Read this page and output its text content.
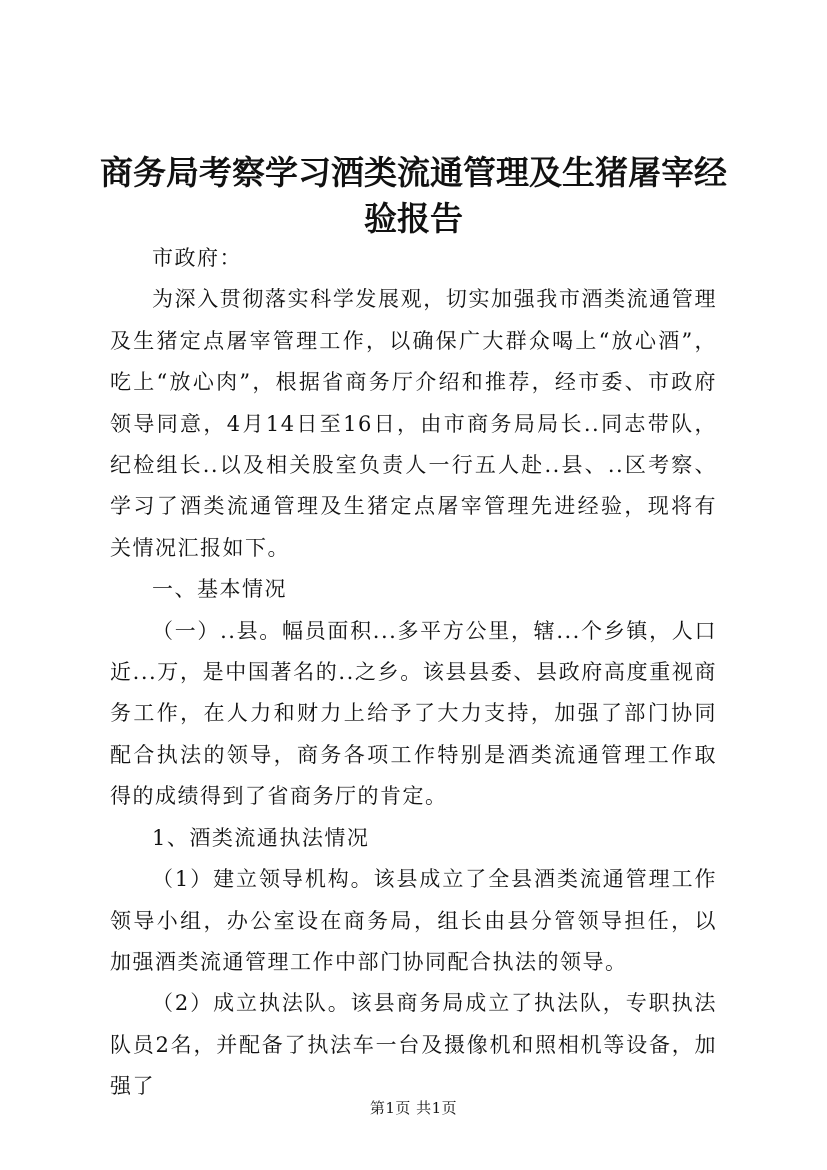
商务局考察学习酒类流通管理及生猪屠宰经验报告

市政府：

为深入贯彻落实科学发展观，切实加强我市酒类流通管理及生猪定点屠宰管理工作，以确保广大群众喝上“放心酒”，吃上“放心肉”，根据省商务厅介绍和推荐，经市委、市政府领导同意，4月14日至16日，由市商务局局长..同志带队，纪检组长..以及相关股室负责人一行五人赴..县、..区考察、学习了酒类流通管理及生猪定点屠宰管理先进经验，现将有关情况汇报如下。

一、基本情况

（一）..县。幅员面积...多平方公里，辖...个乡镇，人口近...万，是中国著名的..之乡。该县县委、县政府高度重视商务工作，在人力和财力上给予了大力支持，加强了部门协同配合执法的领导，商务各项工作特别是酒类流通管理工作取得的成绩得到了省商务厅的肯定。

1、酒类流通执法情况

（1）建立领导机构。该县成立了全县酒类流通管理工作领导小组，办公室设在商务局，组长由县分管领导担任，以加强酒类流通管理工作中部门协同配合执法的领导。

（2）成立执法队。该县商务局成立了执法队，专职执法队员2名，并配备了执法车一台及摄像机和照相机等设备，加强了

第1页 共1页
